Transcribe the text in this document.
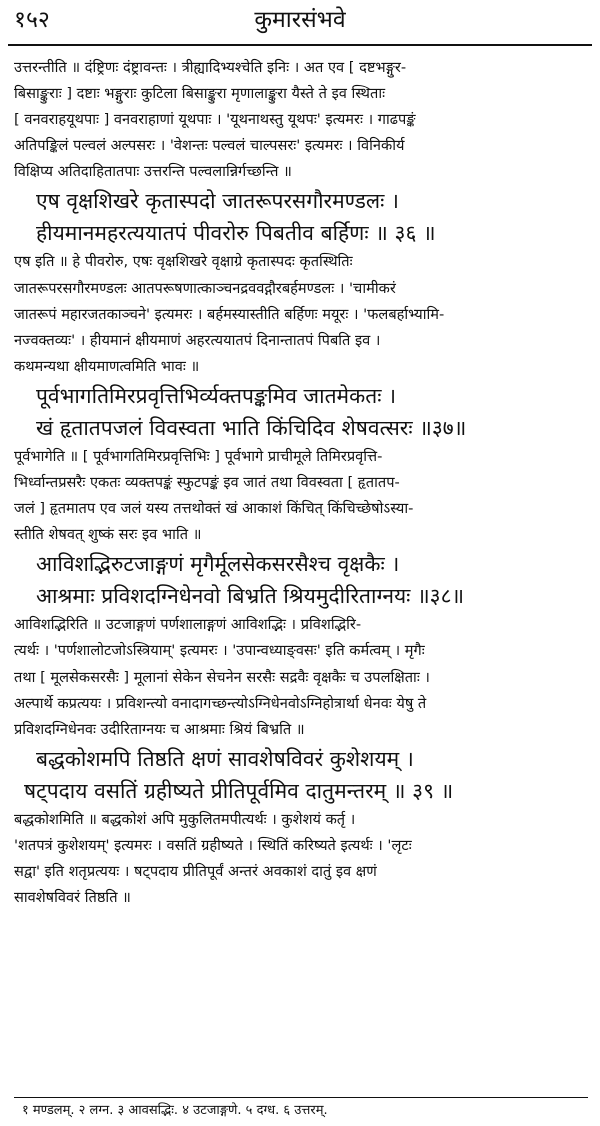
१५२	कुमारसंभवे
उत्तरन्तीति ॥ दंष्ट्रिणः दंष्ट्रावन्तः । त्रीह्यादिभ्यश्चेति इनिः । अत एव [ दष्टभङ्गुर-
बिसाङ्कुराः ] दष्टाः भङ्गुराः कुटिला बिसाङ्कुरा मृणालाङ्कुरा यैस्ते ते इव स्थिताः
[ वनवराहयूथपाः ] वनवराहाणां यूथपाः । 'यूथनाथस्तु यूथपः' इत्यमरः । गाढपङ्कं
अतिपङ्किलं पल्वलं अल्पसरः । 'वेशन्तः पल्वलं चाल्पसरः' इत्यमरः । विनिकीर्य
विक्षिप्य अतिदाहितातपाः उत्तरन्ति पल्वलान्निर्गच्छन्ति ॥
एष वृक्षशिखरे कृतास्पदो जातरूपरसगौरमण्डलः ।
हीयमानमहरत्ययातपं पीवरोरु पिबतीव बर्हिणः ॥ ३६ ॥
एष इति ॥ हे पीवरोरु, एषः वृक्षशिखरे वृक्षाग्रे कृतास्पदः कृतस्थितिः
जातरूपरसगौरमण्डलः आतपरूषणात्काञ्चनद्रववद्गौरबर्हमण्डलः । 'चामीकरं
जातरूपं महारजतकाञ्चने' इत्यमरः । बर्हमस्यास्तीति बर्हिणः मयूरः । 'फलबर्हाभ्यामि-
नज्वक्तव्यः' । हीयमानं क्षीयमाणं अहरत्ययातपं दिनान्तातपं पिबति इव ।
कथमन्यथा क्षीयमाणत्वमिति भावः ॥
पूर्वभागतिमिरप्रवृत्तिभिर्व्यक्तपङ्कमिव जातमेकतः ।
खं हृतातपजलं विवस्वता भाति किंचिदिव शेषवत्सरः ॥३७॥
पूर्वभागेति ॥ [ पूर्वभागतिमिरप्रवृत्तिभिः ] पूर्वभागे प्राचीमूले तिमिरप्रवृत्ति-
भिर्ध्वान्तप्रसरैः एकतः व्यक्तपङ्कं स्फुटपङ्कं इव जातं तथा विवस्वता [ हृतातप-
जलं ] हृतमातप एव जलं यस्य तत्तथोक्तं खं आकाशं किंचित् किंचिच्छेषोऽस्या-
स्तीति शेषवत् शुष्कं सरः इव भाति ॥
आविशद्भिरुटजाङ्गणं मृगैर्मूलसेकसरसैश्च वृक्षकैः ।
आश्रमाः प्रविशदग्निधेनवो बिभ्रति श्रियमुदीरिताग्नयः ॥३८॥
आविशद्भिरिति ॥ उटजाङ्गणं पर्णशालाङ्गणं आविशद्भिः । प्रविशद्भिरि-
त्यर्थः । 'पर्णशालोटजोऽस्त्रियाम्' इत्यमरः । 'उपान्वध्याङ्वसः' इति कर्मत्वम् । मृगैः
तथा [ मूलसेकसरसैः ] मूलानां सेकेन सेचनेन सरसैः सद्रवैः वृक्षकैः च उपलक्षिताः ।
अल्पार्थे कप्रत्ययः । प्रविशन्त्यो वनादागच्छन्त्योऽग्निधेनवोऽग्निहोत्रार्था धेनवः येषु ते
प्रविशदग्निधेनवः उदीरिताग्नयः च आश्रमाः श्रियं बिभ्रति ॥
बद्धकोशमपि तिष्ठति क्षणं सावशेषविवरं कुशेशयम् ।
षट्पदाय वसतिं ग्रहीष्यते प्रीतिपूर्वमिव दातुमन्तरम् ॥ ३९ ॥
बद्धकोशमिति ॥ बद्धकोशं अपि मुकुलितमपीत्यर्थः । कुशेशयं कर्तृ ।
'शतपत्रं कुशेशयम्' इत्यमरः । वसतिं ग्रहीष्यते । स्थितिं करिष्यते इत्यर्थः । 'लृटः
सद्वा' इति शतृप्रत्ययः । षट्पदाय प्रीतिपूर्वं अन्तरं अवकाशं दातुं इव क्षणं
सावशेषविवरं तिष्ठति ॥
१ मण्डलम्. २ लग्न. ३ आवसद्भिः. ४ उटजाङ्गणे. ५ दग्ध. ६ उत्तरम्.
